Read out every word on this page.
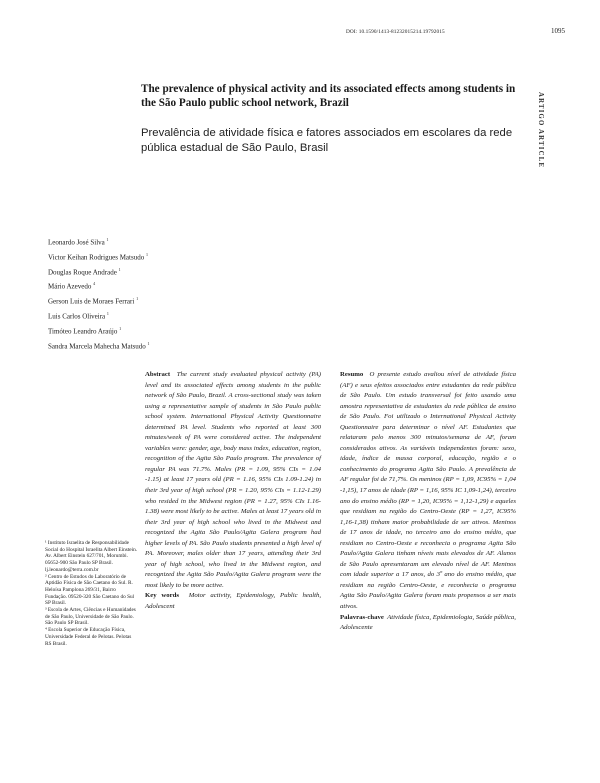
DOI: 10.1590/1413-81232015214.19792015	1095
ARTIGO ARTICLE
The prevalence of physical activity and its associated effects among students in the São Paulo public school network, Brazil
Prevalência de atividade física e fatores associados em escolares da rede pública estadual de São Paulo, Brasil
Leonardo José Silva $^1$
Victor Keihan Rodrigues Matsudo $^1$
Douglas Roque Andrade $^1$
Mário Azevedo $^4$
Gerson Luis de Moraes Ferrari $^1$
Luis Carlos Oliveira $^1$
Timóteo Leandro Araújo $^1$
Sandra Marcela Mahecha Matsudo $^1$
¹ Instituto Israelita de Responsabilidade Social do Hospital Israelita Albert Einstein. Av. Albert Einstein 627/701, Morumbi. 05652-900 São Paulo SP Brasil. lj.leonardo@terra.com.br
² Centro de Estudos do Laboratório de Aptidão Física de São Caetano do Sul. R. Heloísa Pamplona 269/31, Bairro Fundação. 09520-320 São Caetano do Sul SP Brasil.
³ Escola de Artes, Ciências e Humanidades de São Paulo, Universidade de São Paulo. São Paulo SP Brasil.
⁴ Escola Superior de Educação Física, Universidade Federal de Pelotas. Pelotas RS Brasil.
Abstract The current study evaluated physical activity (PA) level and its associated effects among students in the public network of São Paulo, Brazil. A cross-sectional study was taken using a representative sample of students in São Paulo public school system. International Physical Activity Questionnaire determined PA level. Students who reported at least 300 minutes/week of PA were considered active. The independent variables were: gender, age, body mass index, education, region, recognition of the Agita São Paulo program. The prevalence of regular PA was 71.7%. Males (PR = 1.09, 95% CIs = 1.04 -1.15) at least 17 years old (PR = 1.16, 95% CIs 1.09-1.24) in their 3rd year of high school (PR = 1.20, 95% CIs = 1.12-1.29) who resided in the Midwest region (PR = 1.27, 95% CIs 1.16-1.38) were most likely to be active. Males at least 17 years old in their 3rd year of high school who lived in the Midwest and recognized the Agita São Paulo/Agita Galera program had higher levels of PA. São Paulo students presented a high level of PA. Moreover, males older than 17 years, attending their 3rd year of high school, who lived in the Midwest region, and recognized the Agita São Paulo/Agita Galera program were the most likely to be more active.
Key words Motor activity, Epidemiology, Public health, Adolescent
Resumo O presente estudo avaliou nível de atividade física (AF) e seus efeitos associados entre estudantes da rede pública de São Paulo. Um estudo transversal foi feito usando uma amostra representativa de estudantes da rede pública de ensino de São Paulo. Foi utilizado o International Physical Activity Questionnaire para determinar o nível AF. Estudantes que relataram pelo menos 300 minutos/semana de AF, foram considerados ativos. As variáveis independentes foram: sexo, idade, índice de massa corporal, educação, região e o conhecimento do programa Agita São Paulo. A prevalência de AF regular foi de 71,7%. Os meninos (RP = 1,09, IC95% = 1,04 -1,15), 17 anos de idade (RP = 1,16, 95% IC 1,09-1,24), terceiro ano do ensino médio (RP = 1,20, IC95% = 1,12-1,29) e aqueles que residiam na região do Centro-Oeste (RP = 1,27, IC95% 1,16-1,38) tinham maior probabilidade de ser ativos. Meninos de 17 anos de idade, no terceiro ano do ensino médio, que residiam no Centro-Oeste e reconhecia o programa Agita São Paulo/Agita Galera tinham níveis mais elevados de AF. Alunos de São Paulo apresentaram um elevado nível de AF. Meninos com idade superior a 17 anos, do 3º ano do ensino médio, que residiam na região Centro-Oeste, e reconhecia o programa Agita São Paulo/Agita Galera foram mais propensos a ser mais ativos.
Palavras-chave Atividade física, Epidemiologia, Saúde pública, Adolescente
